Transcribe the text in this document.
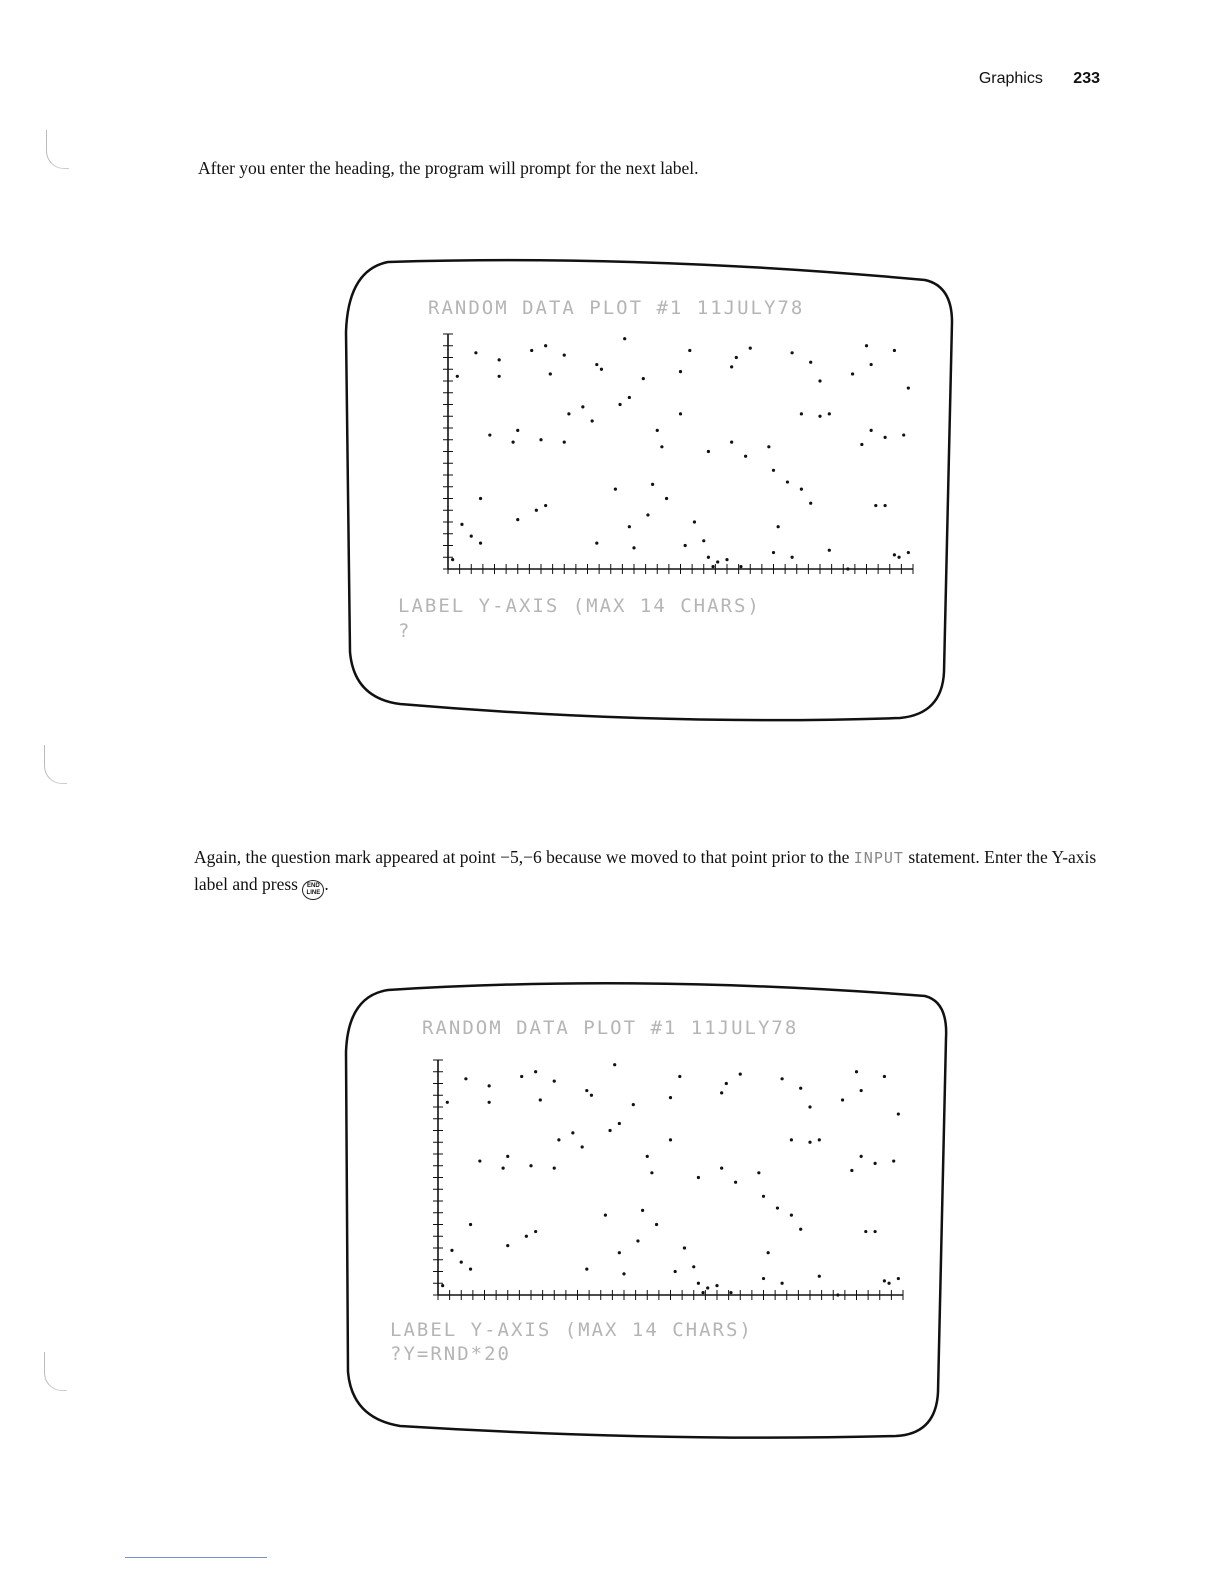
Graphics 233

After you enter the heading, the program will prompt for the next label.

Again, the question mark appeared at point −5,−6 because we moved to that point prior to the INPUT statement. Enter the Y-axis label and press END
LINE .

RANDOM DATA PLOT #1 11JULY78
LABEL Y-AXIS (MAX 14 CHARS)
?
RANDOM DATA PLOT #1 11JULY78
LABEL Y-AXIS (MAX 14 CHARS)
?Y=RND*20
